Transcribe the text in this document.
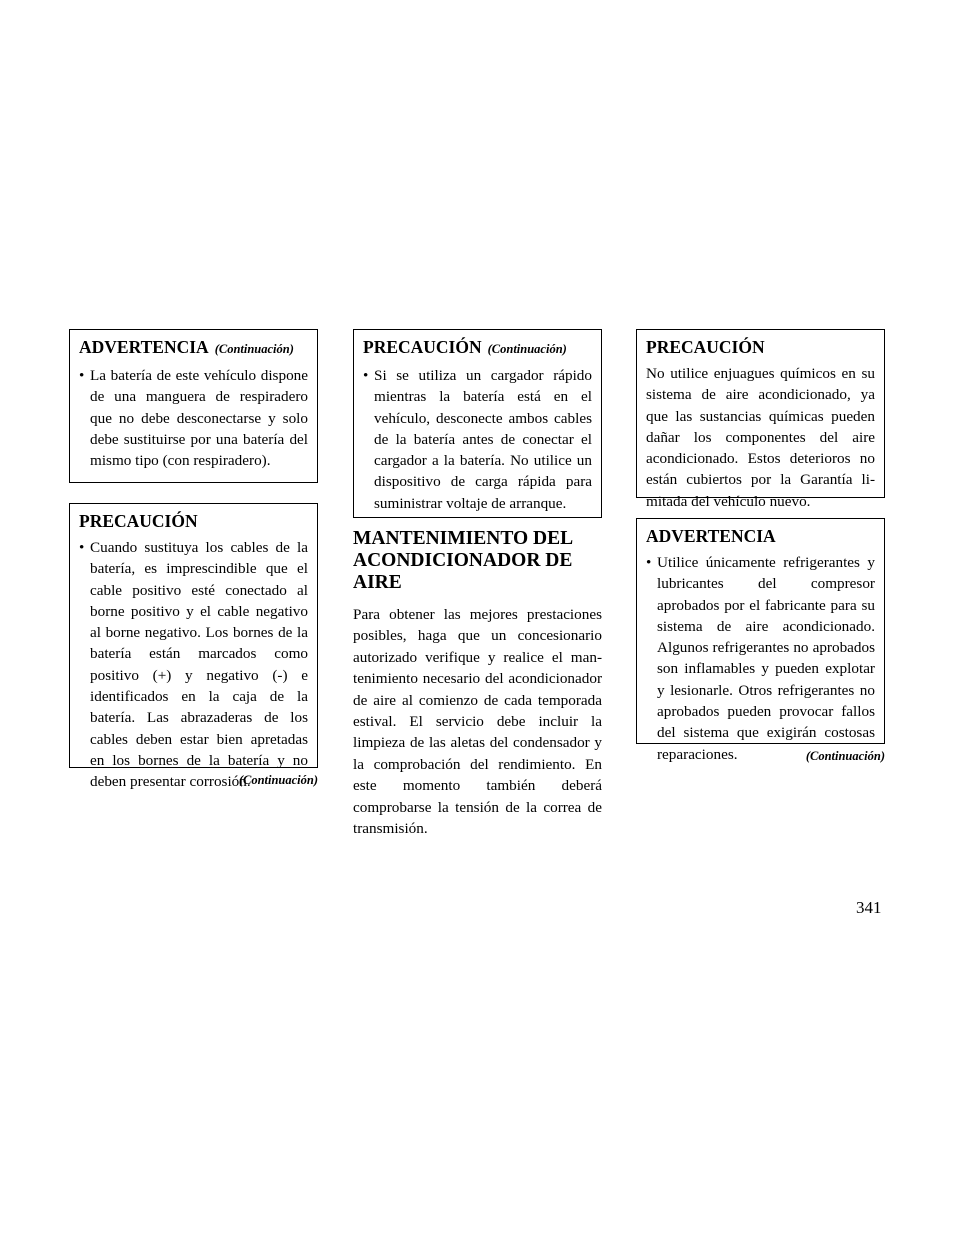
ADVERTENCIA (Continuación)
• La batería de este vehículo dispone de una manguera de respiradero que no debe desconectarse y solo debe sustituirse por una batería del mismo tipo (con respiradero).
PRECAUCIÓN
• Cuando sustituya los cables de la batería, es imprescindible que el cable positivo esté conectado al borne positivo y el cable negativo al borne negativo. Los bornes de la batería están marcados como positivo (+) y negativo (-) e identificados en la caja de la batería. Las abrazaderas de los cables deben estar bien apretadas en los bornes de la batería y no deben presentar corrosión.
(Continuación)
PRECAUCIÓN (Continuación)
• Si se utiliza un cargador rápido mientras la batería está en el vehículo, desconecte ambos cables de la batería antes de conectar el cargador a la batería. No utilice un dispositivo de carga rápida para suministrar voltaje de arranque.
MANTENIMIENTO DEL ACONDICIONADOR DE AIRE
Para obtener las mejores prestaciones posibles, haga que un concesionario autorizado verifique y realice el mantenimiento necesario del acondicionador de aire al comienzo de cada temporada estival. El servicio debe incluir la limpieza de las aletas del condensador y la comprobación del rendimiento. En este momento también deberá comprobarse la tensión de la correa de transmisión.
PRECAUCIÓN
No utilice enjuagues químicos en su sistema de aire acondicionado, ya que las sustancias químicas pueden dañar los componentes del aire acondicionado. Estos deterioros no están cubiertos por la Garantía limitada del vehículo nuevo.
ADVERTENCIA
• Utilice únicamente refrigerantes y lubricantes del compresor aprobados por el fabricante para su sistema de aire acondicionado. Algunos refrigerantes no aprobados son inflamables y pueden explotar y lesionarle. Otros refrigerantes no aprobados pueden provocar fallos del sistema que exigirán costosas reparaciones.	(Continuación)
341
